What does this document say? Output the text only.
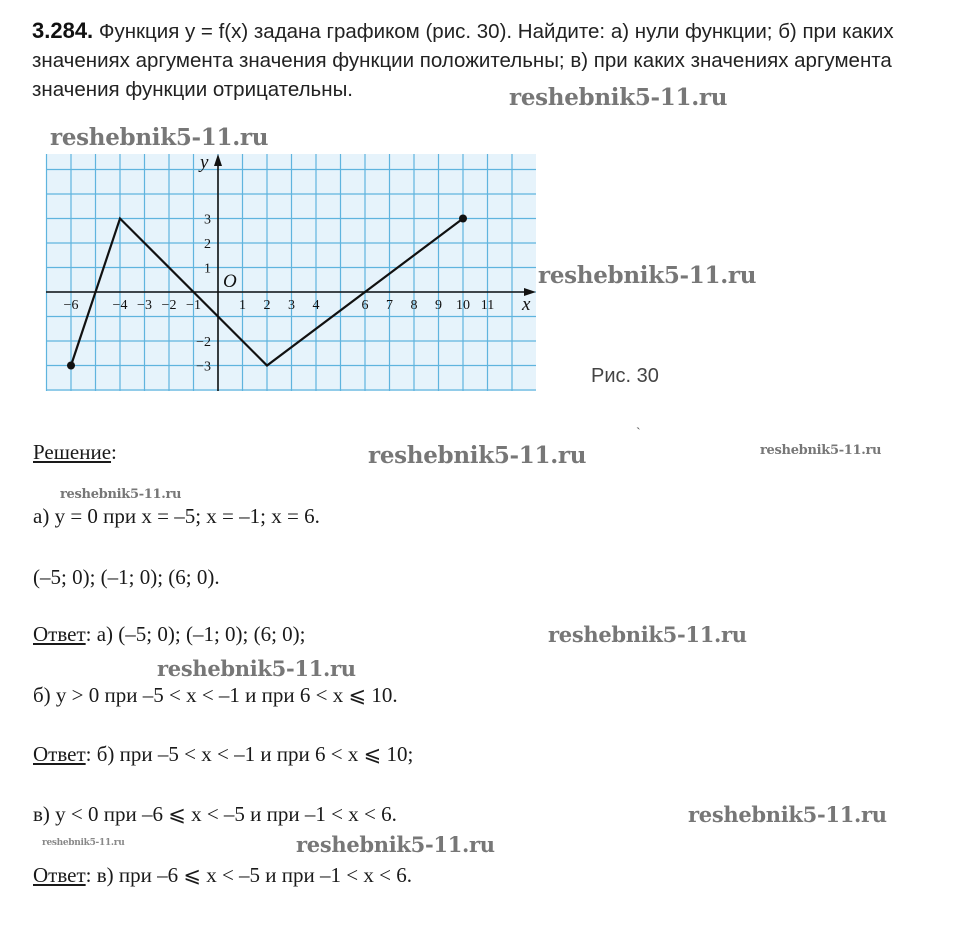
3.284. Функция y = f(x) задана графиком (рис. 30). Найдите: а) нули функции; б) при каких значениях аргумента значения функции положительны; в) при каких значениях аргумента значения функции отрицательны.	reshebnik5-11.ru
reshebnik5-11.ru
x
y
O
−6 −4 −3 −2 −1	1 2 3 4	6 7 8 9 10 11
3
2
1
−2
−3
reshebnik5-11.ru
Рис. 30
ˋ
Решение:	reshebnik5-11.ru	reshebnik5-11.ru
reshebnik5-11.ru
а) y = 0 при x = –5; x = –1; x = 6.
(–5; 0); (–1; 0); (6; 0).
Ответ: а) (–5; 0); (–1; 0); (6; 0);	reshebnik5-11.ru
reshebnik5-11.ru
б) y > 0 при –5 < x < –1 и при 6 < x ⩽ 10.
Ответ: б) при –5 < x < –1 и при 6 < x ⩽ 10;
в) y < 0 при –6 ⩽ x < –5 и при –1 < x < 6.	reshebnik5-11.ru
reshebnik5-11.ru	reshebnik5-11.ru
Ответ: в) при –6 ⩽ x < –5 и при –1 < x < 6.
